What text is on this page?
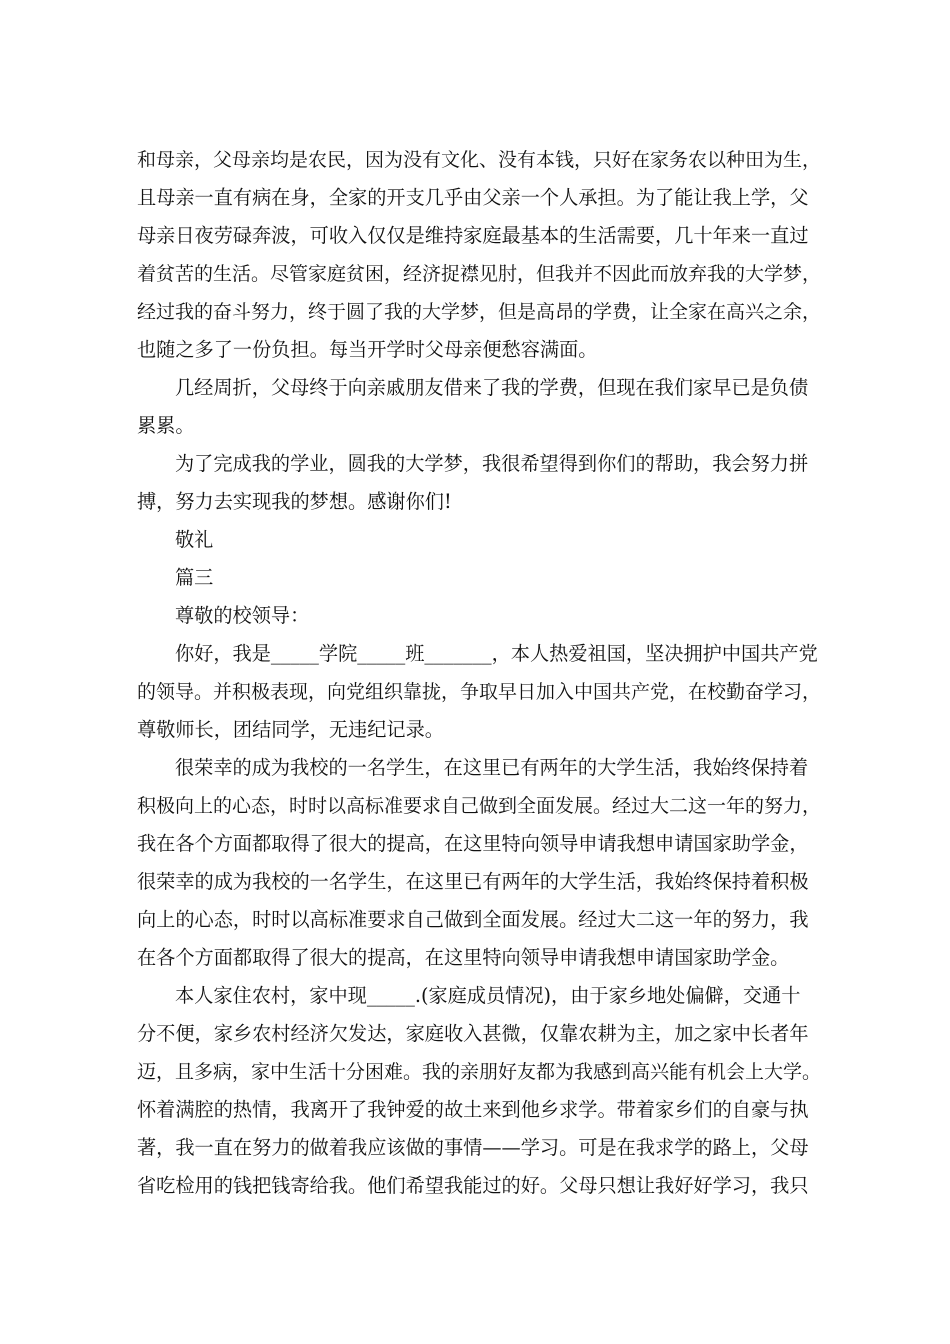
和母亲，父母亲均是农民，因为没有文化、没有本钱，只好在家务农以种田为生，
且母亲一直有病在身，全家的开支几乎由父亲一个人承担。为了能让我上学，父
母亲日夜劳碌奔波，可收入仅仅是维持家庭最基本的生活需要，几十年来一直过
着贫苦的生活。尽管家庭贫困，经济捉襟见肘，但我并不因此而放弃我的大学梦，
经过我的奋斗努力，终于圆了我的大学梦，但是高昂的学费，让全家在高兴之余，
也随之多了一份负担。每当开学时父母亲便愁容满面。
几经周折，父母终于向亲戚朋友借来了我的学费，但现在我们家早已是负债
累累。
为了完成我的学业，圆我的大学梦，我很希望得到你们的帮助，我会努力拼
搏，努力去实现我的梦想。感谢你们!
敬礼
篇三
尊敬的校领导：
你好，我是_____学院_____班_______，本人热爱祖国，坚决拥护中国共产党
的领导。并积极表现，向党组织靠拢，争取早日加入中国共产党，在校勤奋学习，
尊敬师长，团结同学，无违纪记录。
很荣幸的成为我校的一名学生，在这里已有两年的大学生活，我始终保持着
积极向上的心态，时时以高标准要求自己做到全面发展。经过大二这一年的努力，
我在各个方面都取得了很大的提高，在这里特向领导申请我想申请国家助学金，
很荣幸的成为我校的一名学生，在这里已有两年的大学生活，我始终保持着积极
向上的心态，时时以高标准要求自己做到全面发展。经过大二这一年的努力，我
在各个方面都取得了很大的提高，在这里特向领导申请我想申请国家助学金。
本人家住农村，家中现_____.(家庭成员情况)，由于家乡地处偏僻，交通十
分不便，家乡农村经济欠发达，家庭收入甚微，仅靠农耕为主，加之家中长者年
迈，且多病，家中生活十分困难。我的亲朋好友都为我感到高兴能有机会上大学。
怀着满腔的热情，我离开了我钟爱的故土来到他乡求学。带着家乡们的自豪与执
著，我一直在努力的做着我应该做的事情——学习。可是在我求学的路上，父母
省吃检用的钱把钱寄给我。他们希望我能过的好。父母只想让我好好学习，我只
